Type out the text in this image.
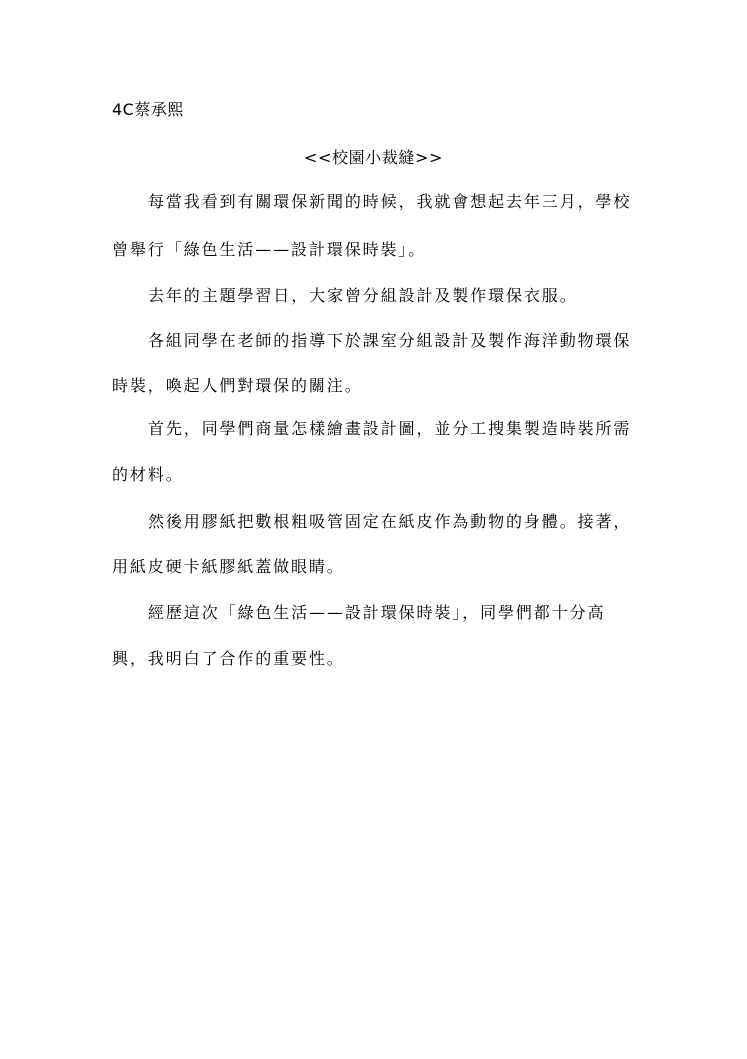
4C蔡承熙
<<校園小裁縫>>
每當我看到有關環保新聞的時候，我就會想起去年三月，學校
曾舉行「綠色生活——設計環保時裝」。
去年的主題學習日，大家曾分組設計及製作環保衣服。
各組同學在老師的指導下於課室分組設計及製作海洋動物環保
時裝，喚起人們對環保的關注。
首先，同學們商量怎樣繪畫設計圖，並分工搜集製造時裝所需
的材料。
然後用膠紙把數根粗吸管固定在紙皮作為動物的身體。接著，
用紙皮硬卡紙膠紙蓋做眼睛。
經歷這次「綠色生活——設計環保時裝」，同學們都十分高
興，我明白了合作的重要性。
